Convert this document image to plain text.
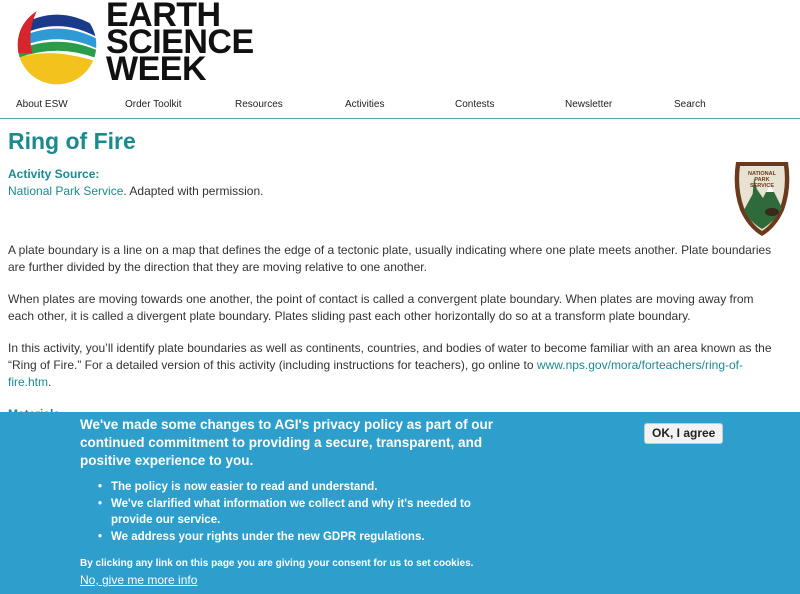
EARTH
SCIENCE
WEEK
About ESW	Order Toolkit	Resources	Activities	Contests	Newsletter	Search
Ring of Fire
Activity Source:
National Park Service. Adapted with permission.
NATIONAL
PARK
SERVICE

A plate boundary is a line on a map that defines the edge of a tectonic plate, usually indicating where one plate meets another. Plate boundaries are further divided by the direction that they are moving relative to one another.

When plates are moving towards one another, the point of contact is called a convergent plate boundary. When plates are moving away from each other, it is called a divergent plate boundary. Plates sliding past each other horizontally do so at a transform plate boundary.

In this activity, you’ll identify plate boundaries as well as continents, countries, and bodies of water to become familiar with an area known as the “Ring of Fire.” For a detailed version of this activity (including instructions for teachers), go online to www.nps.gov/mora/forteachers/ring-of-fire.htm.

We've made some changes to AGI's privacy policy as part of our continued commitment to providing a secure, transparent, and positive experience to you.

• The policy is now easier to read and understand.
• We've clarified what information we collect and why it's needed to provide our service.
• We address your rights under the new GDPR regulations.
By clicking any link on this page you are giving your consent for us to set cookies.
No, give me more info
OK, I agree
